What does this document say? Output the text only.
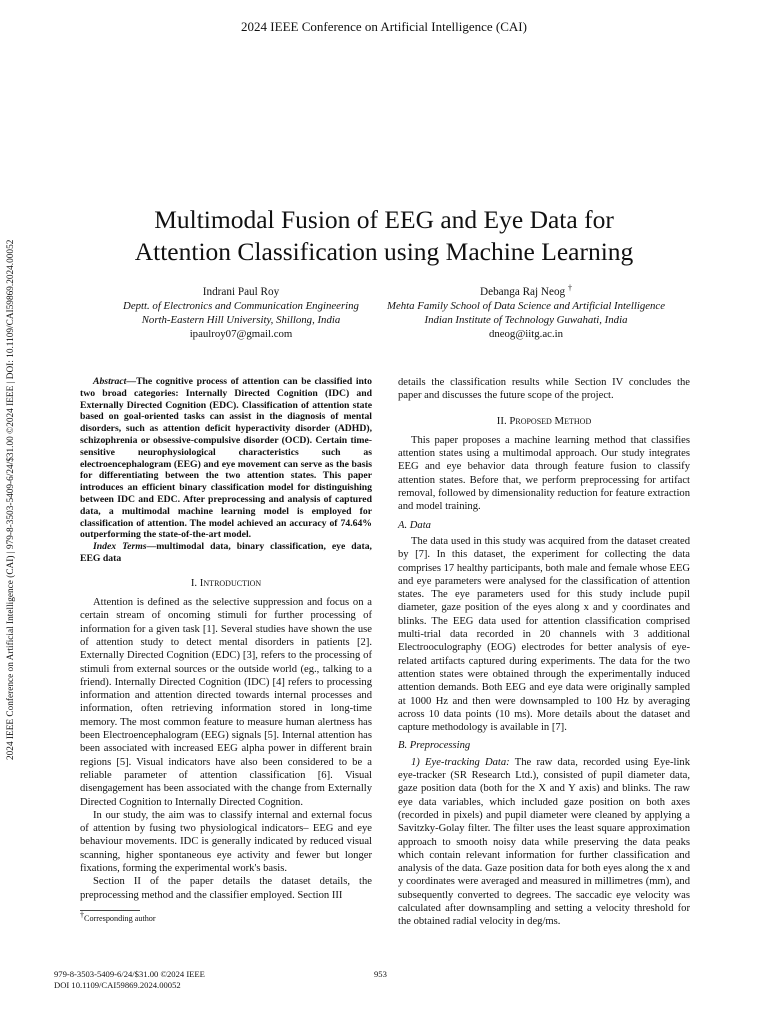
2024 IEEE Conference on Artificial Intelligence (CAI)
2024 IEEE Conference on Artificial Intelligence (CAI) | 979-8-3503-5409-6/24/$31.00 ©2024 IEEE | DOI: 10.1109/CAI59869.2024.00052
Multimodal Fusion of EEG and Eye Data for
Attention Classification using Machine Learning
Indrani Paul Roy
Deptt. of Electronics and Communication Engineering
North-Eastern Hill University, Shillong, India
ipaulroy07@gmail.com
Debanga Raj Neog †
Mehta Family School of Data Science and Artificial Intelligence
Indian Institute of Technology Guwahati, India
dneog@iitg.ac.in

Abstract—The cognitive process of attention can be classified into two broad categories: Internally Directed Cognition (IDC) and Externally Directed Cognition (EDC). Classification of attention state based on goal-oriented tasks can assist in the diagnosis of mental disorders, such as attention deficit hyperactivity disorder (ADHD), schizophrenia or obsessive-compulsive disorder (OCD). Certain time-sensitive neurophysiological characteristics such as electroencephalogram (EEG) and eye movement can serve as the basis for differentiating between the two attention states. This paper introduces an efficient binary classification model for distinguishing between IDC and EDC. After preprocessing and analysis of captured data, a multimodal machine learning model is employed for classification of attention. The model achieved an accuracy of 74.64% outperforming the state-of-the-art model.

Index Terms—multimodal data, binary classification, eye data, EEG data

I. Introduction

Attention is defined as the selective suppression and focus on a certain stream of oncoming stimuli for further processing of information for a given task [1]. Several studies have shown the use of attention study to detect mental disorders in patients [2]. Externally Directed Cognition (EDC) [3], refers to the processing of stimuli from external sources or the outside world (eg., talking to a friend). Internally Directed Cognition (IDC) [4] refers to processing information and attention directed towards internal processes and information, often retrieving information stored in long-time memory. The most common feature to measure human alertness has been Electroencephalogram (EEG) signals [5]. Internal attention has been associated with increased EEG alpha power in different brain regions [5]. Visual indicators have also been considered to be a reliable parameter of attention classification [6]. Visual disengagement has been associated with the change from Externally Directed Cognition to Internally Directed Cognition.

In our study, the aim was to classify internal and external focus of attention by fusing two physiological indicators– EEG and eye behaviour movements. IDC is generally indicated by reduced visual scanning, higher spontaneous eye activity and fewer but longer fixations, forming the experimental work's basis.

Section II of the paper details the dataset details, the preprocessing method and the classifier employed. Section III

†Corresponding author

details the classification results while Section IV concludes the paper and discusses the future scope of the project.

II. Proposed Method

This paper proposes a machine learning method that classifies attention states using a multimodal approach. Our study integrates EEG and eye behavior data through feature fusion to classify attention states. Before that, we perform preprocessing for artifact removal, followed by dimensionality reduction for feature extraction and model training.

A. Data

The data used in this study was acquired from the dataset created by [7]. In this dataset, the experiment for collecting the data comprises 17 healthy participants, both male and female whose EEG and eye parameters were analysed for the classification of attention states. The eye parameters used for this study include pupil diameter, gaze position of the eyes along x and y coordinates and blinks. The EEG data used for attention classification comprised multi-trial data recorded in 20 channels with 3 additional Electrooculography (EOG) electrodes for better analysis of eye-related artifacts captured during experiments. The data for the two attention states were obtained through the experimentally induced attention demands. Both EEG and eye data were originally sampled at 1000 Hz and then were downsampled to 100 Hz by averaging across 10 data points (10 ms). More details about the dataset and capture methodology is available in [7].

B. Preprocessing

1) Eye-tracking Data: The raw data, recorded using Eye-link eye-tracker (SR Research Ltd.), consisted of pupil diameter data, gaze position data (both for the X and Y axis) and blinks. The raw eye data variables, which included gaze position on both axes (recorded in pixels) and pupil diameter were cleaned by applying a Savitzky-Golay filter. The filter uses the least square approximation approach to smooth noisy data while preserving the data peaks which contain relevant information for further classification and analysis of the data. Gaze position data for both eyes along the x and y coordinates were averaged and measured in millimetres (mm), and subsequently converted to degrees. The saccadic eye velocity was calculated after downsampling and setting a velocity threshold for the obtained radial velocity in deg/ms.

979-8-3503-5409-6/24/$31.00 ©2024 IEEE
DOI 10.1109/CAI59869.2024.00052
953
